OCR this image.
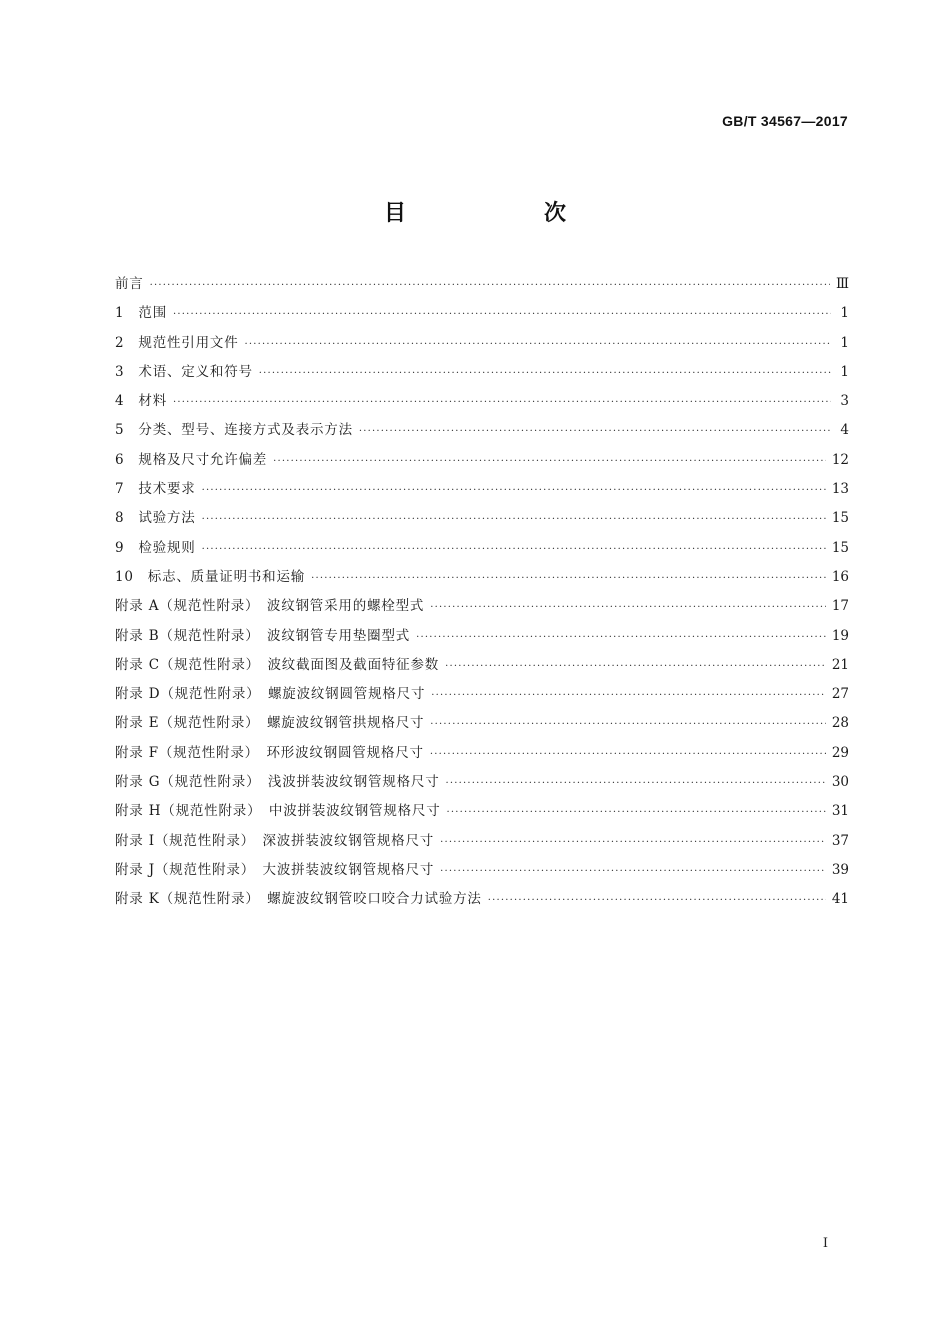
GB/T 34567—2017
目　次
前言 ·····	Ⅲ
1 范围 ·····	1
2 规范性引用文件 ·····	1
3 术语、定义和符号 ·····	1
4 材料 ·····	3
5 分类、型号、连接方式及表示方法 ·····	4
6 规格及尺寸允许偏差 ·····	12
7 技术要求 ·····	13
8 试验方法 ·····	15
9 检验规则 ·····	15
10 标志、质量证明书和运输 ·····	16
附录 A（规范性附录）　波纹钢管采用的螺栓型式 ·····	17
附录 B（规范性附录）　波纹钢管专用垫圈型式 ·····	19
附录 C（规范性附录）　波纹截面图及截面特征参数 ·····	21
附录 D（规范性附录）　螺旋波纹钢圆管规格尺寸 ·····	27
附录 E（规范性附录）　螺旋波纹钢管拱规格尺寸 ·····	28
附录 F（规范性附录）　环形波纹钢圆管规格尺寸 ·····	29
附录 G（规范性附录）　浅波拼装波纹钢管规格尺寸 ·····	30
附录 H（规范性附录）　中波拼装波纹钢管规格尺寸 ·····	31
附录 I（规范性附录）　深波拼装波纹钢管规格尺寸 ·····	37
附录 J（规范性附录）　大波拼装波纹钢管规格尺寸 ·····	39
附录 K（规范性附录）　螺旋波纹钢管咬口咬合力试验方法 ·····	41
I
